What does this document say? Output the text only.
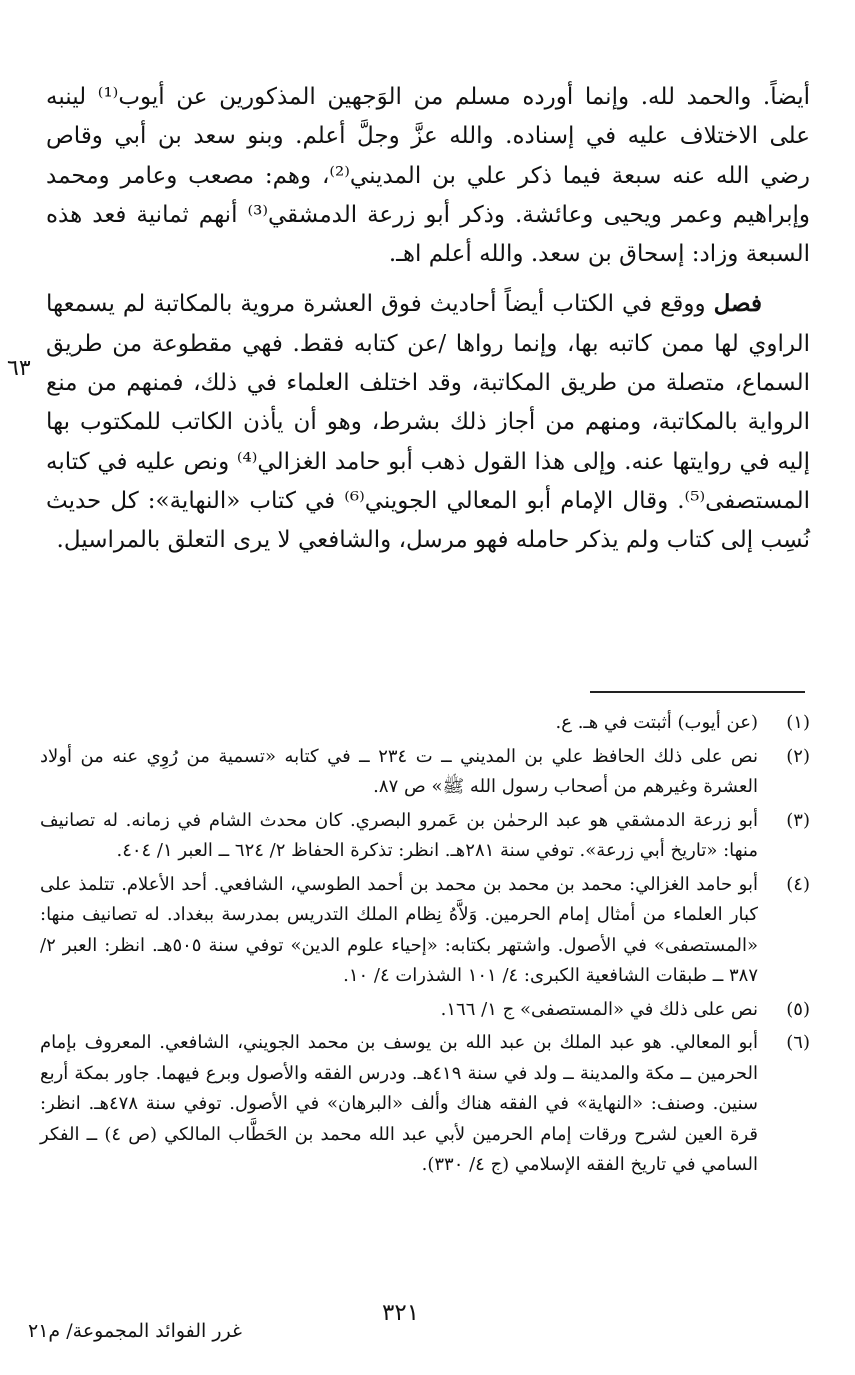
٦٣

أيضاً. والحمد لله. وإنما أورده مسلم من الوَجهين المذكورين عن أيوب⁽¹⁾ لينبه على الاختلاف عليه في إسناده. والله عزَّ وجلَّ أعلم. وبنو سعد بن أبي وقاص رضي الله عنه سبعة فيما ذكر علي بن المديني⁽²⁾، وهم: مصعب وعامر ومحمد وإبراهيم وعمر ويحيى وعائشة. وذكر أبو زرعة الدمشقي⁽³⁾ أنهم ثمانية فعد هذه السبعة وزاد: إسحاق بن سعد. والله أعلم اهـ.

فصل ووقع في الكتاب أيضاً أحاديث فوق العشرة مروية بالمكاتبة لم يسمعها الراوي لها ممن كاتبه بها، وإنما رواها /عن كتابه فقط. فهي مقطوعة من طريق السماع، متصلة من طريق المكاتبة، وقد اختلف العلماء في ذلك، فمنهم من منع الرواية بالمكاتبة، ومنهم من أجاز ذلك بشرط، وهو أن يأذن الكاتب للمكتوب بها إليه في روايتها عنه. وإلى هذا القول ذهب أبو حامد الغزالي⁽⁴⁾ ونص عليه في كتابه المستصفى⁽⁵⁾. وقال الإمام أبو المعالي الجويني⁽⁶⁾ في كتاب «النهاية»: كل حديث نُسِب إلى كتاب ولم يذكر حامله فهو مرسل، والشافعي لا يرى التعلق بالمراسيل.

(١)
(عن أيوب) أثبتت في هـ. ع.
(٢)
نص على ذلك الحافظ علي بن المديني ــ ت ٢٣٤ ــ في كتابه «تسمية من رُوِي عنه من أولاد العشرة وغيرهم من أصحاب رسول الله ﷺ» ص ٨٧.
(٣)
أبو زرعة الدمشقي هو عبد الرحمٰن بن عَمرو البصري. كان محدث الشام في زمانه. له تصانيف منها: «تاريخ أبي زرعة». توفي سنة ٢٨١هـ. انظر: تذكرة الحفاظ ٢/ ٦٢٤ ــ العبر ١/ ٤٠٤.
(٤)
أبو حامد الغزالي: محمد بن محمد بن محمد بن أحمد الطوسي، الشافعي. أحد الأعلام. تتلمذ على كبار العلماء من أمثال إمام الحرمين. وَلاَّهُ نِظام الملك التدريس بمدرسة ببغداد. له تصانيف منها: «المستصفى» في الأصول. واشتهر بكتابه: «إحياء علوم الدين» توفي سنة ٥٠٥هـ. انظر: العبر ٢/ ٣٨٧ ــ طبقات الشافعية الكبرى: ٤/ ١٠١ الشذرات ٤/ ١٠.
(٥)
نص على ذلك في «المستصفى» ج ١/ ١٦٦.
(٦)
أبو المعالي. هو عبد الملك بن عبد الله بن يوسف بن محمد الجويني، الشافعي. المعروف بإمام الحرمين ــ مكة والمدينة ــ ولد في سنة ٤١٩هـ. ودرس الفقه والأصول وبرع فيهما. جاور بمكة أربع سنين. وصنف: «النهاية» في الفقه هناك وألف «البرهان» في الأصول. توفي سنة ٤٧٨هـ. انظر: قرة العين لشرح ورقات إمام الحرمين لأبي عبد الله محمد بن الحَطَّاب المالكي (ص ٤) ــ الفكر السامي في تاريخ الفقه الإسلامي (ج ٤/ ٣٣٠).
٣٢١
غرر الفوائد المجموعة/ م٢١
